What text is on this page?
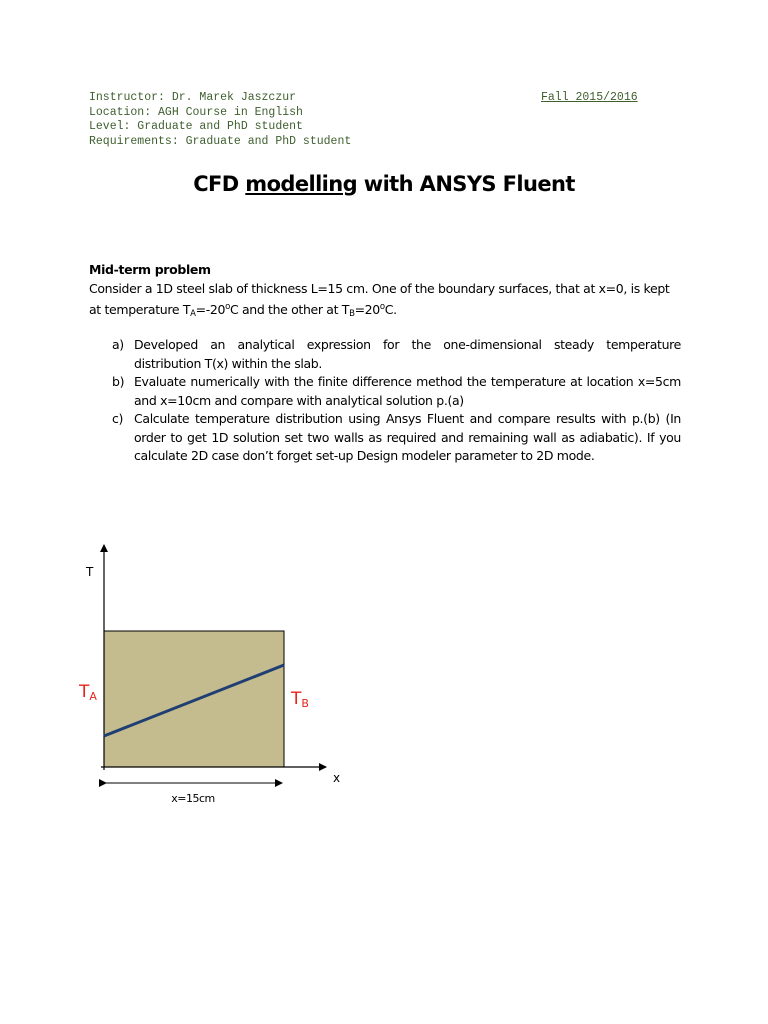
Instructor: Dr. Marek Jaszczur
Location: AGH Course in English
Level: Graduate and PhD student
Requirements: Graduate and PhD student
Fall 2015/2016
CFD modelling with ANSYS Fluent
Mid-term problem
Consider a 1D steel slab of thickness L=15 cm. One of the boundary surfaces, that at x=0, is kept at temperature $T_A=-20^oC$ and the other at $T_B=20^oC$.
a) Developed an analytical expression for the one-dimensional steady temperature distribution T(x) within the slab.
b) Evaluate numerically with the finite difference method the temperature at location x=5cm and x=10cm and compare with analytical solution p.(a)
c) Calculate temperature distribution using Ansys Fluent and compare results with p.(b) (In order to get 1D solution set two walls as required and remaining wall as adiabatic). If you calculate 2D case don’t forget set-up Design modeler parameter to 2D mode.
T
x
TA	TB
x=15cm
